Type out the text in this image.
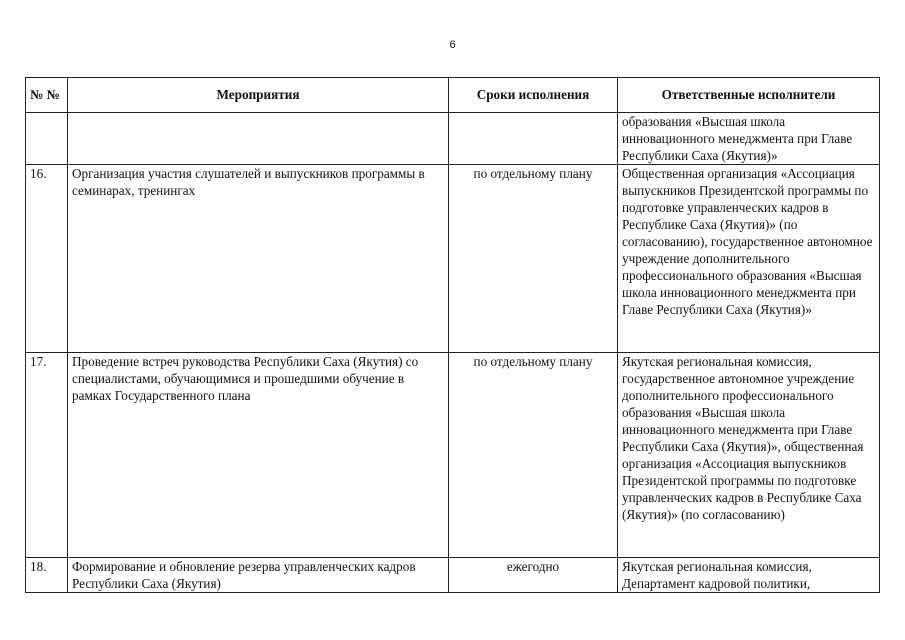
6
№ №	Мероприятия	Сроки исполнения	Ответственные исполнители
			образования «Высшая школа инновационного менеджмента при Главе Республики Саха (Якутия)»
16.	Организация участия слушателей и выпускников программы в семинарах, тренингах	по отдельному плану	Общественная организация «Ассоциация выпускников Президентской программы по подготовке управленческих кадров в Республике Саха (Якутия)» (по согласованию), государственное автономное учреждение дополнительного профессионального образования «Высшая школа инновационного менеджмента при Главе Республики Саха (Якутия)»
17.	Проведение встреч руководства Республики Саха (Якутия) со специалистами, обучающимися и прошедшими обучение в рамках Государственного плана	по отдельному плану	Якутская региональная комиссия, государственное автономное учреждение дополнительного профессионального образования «Высшая школа инновационного менеджмента при Главе Республики Саха (Якутия)», общественная организация «Ассоциация выпускников Президентской программы по подготовке управленческих кадров в Республике Саха (Якутия)» (по согласованию)
18.	Формирование и обновление резерва управленческих кадров Республики Саха (Якутия)	ежегодно	Якутская региональная комиссия, Департамент кадровой политики,
